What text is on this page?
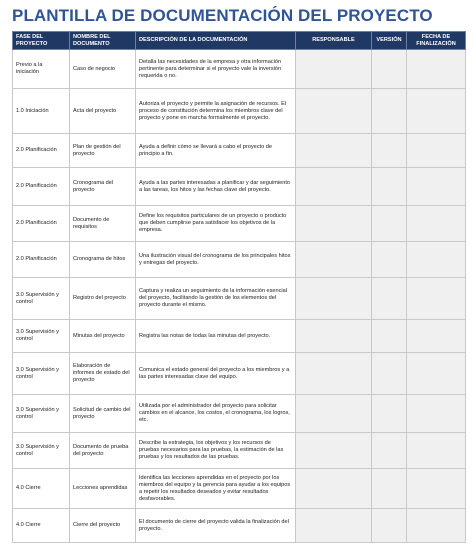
PLANTILLA DE DOCUMENTACIÓN DEL PROYECTO
FASE DEL PROYECTO	NOMBRE DEL DOCUMENTO	DESCRIPCIÓN DE LA DOCUMENTACIÓN	RESPONSABLE	VERSIÓN	FECHA DE FINALIZACIÓN
Previo a la iniciación	Caso de negocio	Detalla las necesidades de la empresa y otra información pertinente para determinar si el proyecto vale la inversión requerida o no.			
1.0 Iniciación	Acta del proyecto	Autoriza el proyecto y permite la asignación de recursos. El proceso de constitución determina los miembros clave del proyecto y pone en marcha formalmente el proyecto.			
2.0 Planificación	Plan de gestión del proyecto	Ayuda a definir cómo se llevará a cabo el proyecto de principio a fin.			
2.0 Planificación	Cronograma del proyecto	Ayuda a las partes interesadas a planificar y dar seguimiento a las tareas, los hitos y las fechas clave del proyecto.			
2.0 Planificación	Documento de requisitos	Define los requisitos particulares de un proyecto o producto que deben cumplirse para satisfacer los objetivos de la empresa.			
2.0 Planificación	Cronograma de hitos	Una ilustración visual del cronograma de los principales hitos y entregas del proyecto.			
3.0 Supervisión y control	Registro del proyecto	Captura y realiza un seguimiento de la información esencial del proyecto, facilitando la gestión de los elementos del proyecto durante el mismo.			
3.0 Supervisión y control	Minutas del proyecto	Registra las notas de todas las minutas del proyecto.			
3.0 Supervisión y control	Elaboración de informes de estado del proyecto	Comunica el estado general del proyecto a los miembros y a las partes interesadas clave del equipo.			
3.0 Supervisión y control	Solicitud de cambio del proyecto	Utilizada por el administrador del proyecto para solicitar cambios en el alcance, los costos, el cronograma, los logros, etc.			
3.0 Supervisión y control	Documento de prueba del proyecto	Describe la estrategia, los objetivos y los recursos de pruebas necesarios para las pruebas, la estimación de las pruebas y los resultados de las pruebas.			
4.0 Cierre	Lecciones aprendidas	Identifica las lecciones aprendidas en el proyecto por los miembros del equipo y la gerencia para ayudar a los equipos a repetir los resultados deseados y evitar resultados desfavorables.			
4.0 Cierre	Cierre del proyecto	El documento de cierre del proyecto valida la finalización del proyecto.			
